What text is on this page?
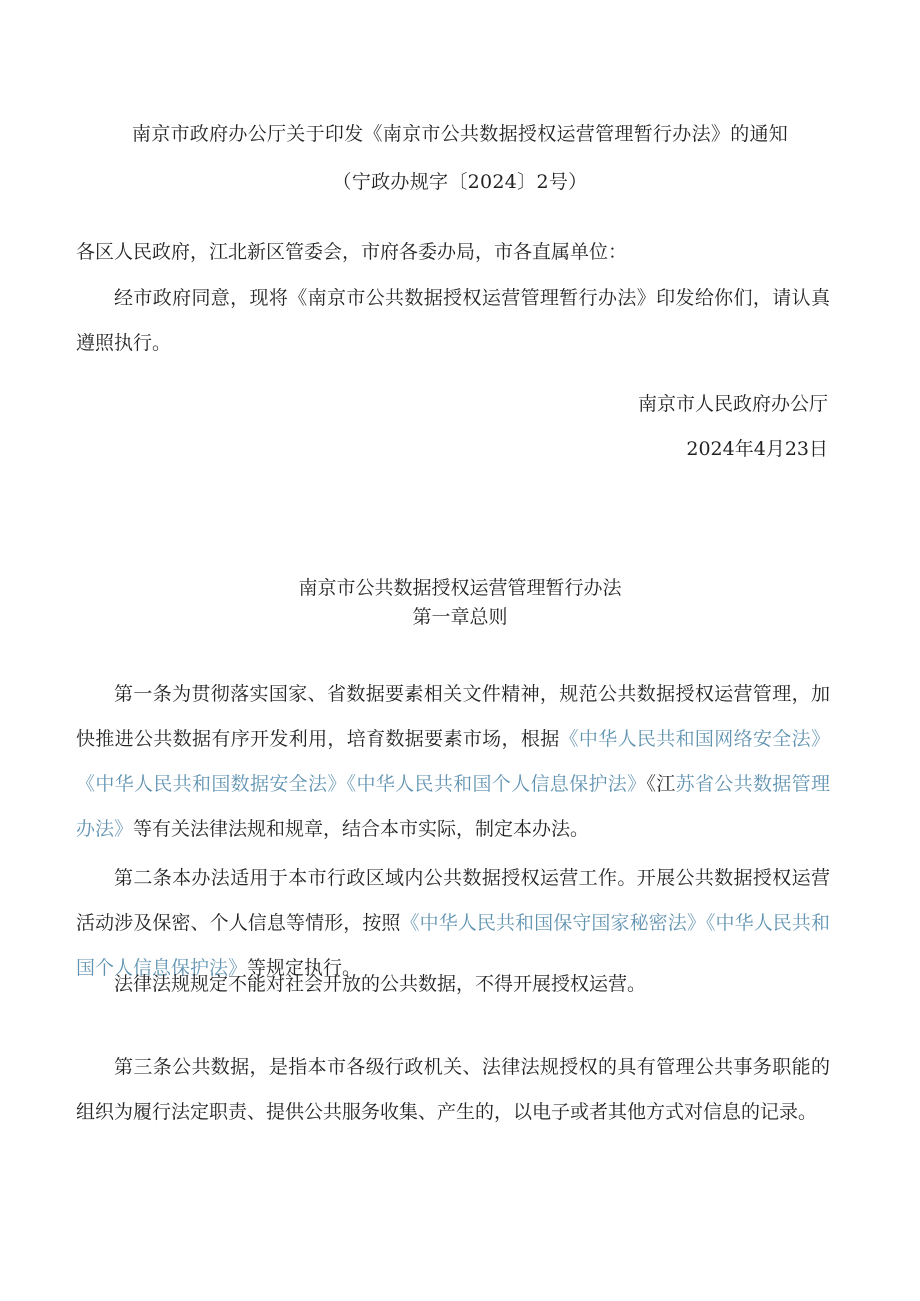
南京市政府办公厅关于印发《南京市公共数据授权运营管理暂行办法》的通知
（宁政办规字〔2024〕2号）
各区人民政府，江北新区管委会，市府各委办局，市各直属单位：

经市政府同意，现将《南京市公共数据授权运营管理暂行办法》印发给你们，请认真遵照执行。

南京市人民政府办公厅
2024年4月23日
南京市公共数据授权运营管理暂行办法
第一章总则

第一条为贯彻落实国家、省数据要素相关文件精神，规范公共数据授权运营管理，加快推进公共数据有序开发利用，培育数据要素市场，根据《中华人民共和国网络安全法》《中华人民共和国数据安全法》《中华人民共和国个人信息保护法》《江苏省公共数据管理办法》等有关法律法规和规章，结合本市实际，制定本办法。

第二条本办法适用于本市行政区域内公共数据授权运营工作。开展公共数据授权运营活动涉及保密、个人信息等情形，按照《中华人民共和国保守国家秘密法》《中华人民共和国个人信息保护法》等规定执行。

法律法规规定不能对社会开放的公共数据，不得开展授权运营。

第三条公共数据，是指本市各级行政机关、法律法规授权的具有管理公共事务职能的组织为履行法定职责、提供公共服务收集、产生的，以电子或者其他方式对信息的记录。
